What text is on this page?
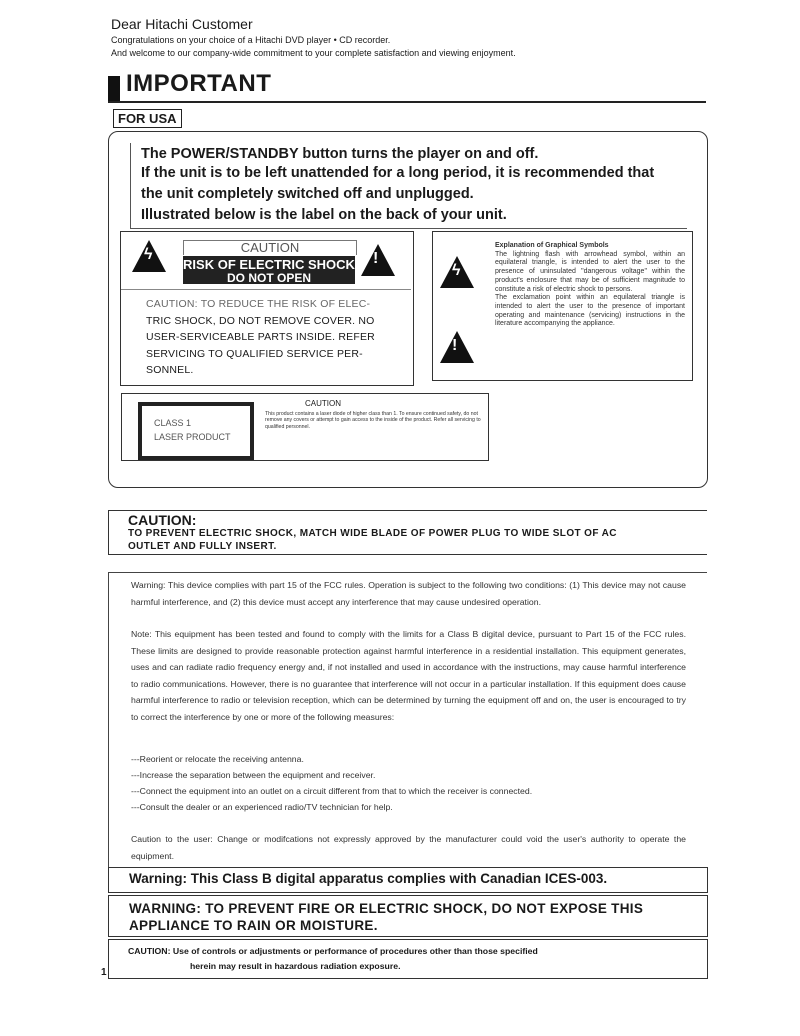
Dear Hitachi Customer
Congratulations on your choice of a Hitachi DVD player • CD recorder.
And welcome to our company-wide commitment to your complete satisfaction and viewing enjoyment.
IMPORTANT
FOR USA

The POWER/STANDBY button turns the player on and off.

If the unit is to be left unattended for a long period, it is recommended that

the unit completely switched off and unplugged.

Illustrated below is the label on the back of your unit.

ϟ	!
CAUTION
RISK OF ELECTRIC SHOCK
DO NOT OPEN
CAUTION: TO REDUCE THE RISK OF ELEC-
TRIC SHOCK, DO NOT REMOVE COVER. NO
USER-SERVICEABLE PARTS INSIDE. REFER
SERVICING TO QUALIFIED SERVICE PER-
SONNEL.
ϟ
!
Explanation of Graphical Symbols
The lightning flash with arrowhead symbol, within an equilateral triangle, is intended to alert the user to the presence of uninsulated "dangerous voltage" within the product's enclosure that may be of sufficient magnitude to constitute a risk of electric shock to persons.
The exclamation point within an equilateral triangle is intended to alert the user to the presence of important operating and maintenance (servicing) instructions in the literature accompanying the appliance.
CLASS 1
LASER PRODUCT
CAUTION
This product contains a laser diode of higher class than 1. To ensure continued safety, do not remove any covers or attempt to gain access to the inside of the product. Refer all servicing to qualified personnel.
CAUTION:
TO PREVENT ELECTRIC SHOCK, MATCH WIDE BLADE OF POWER PLUG TO WIDE SLOT OF AC
OUTLET AND FULLY INSERT.

Warning: This device complies with part 15 of the FCC rules. Operation is subject to the following two conditions: (1) This device may not cause harmful interference, and (2) this device must accept any interference that may cause undesired operation.

Note: This equipment has been tested and found to comply with the limits for a Class B digital device, pursuant to Part 15 of the FCC rules. These limits are designed to provide reasonable protection against harmful interference in a residential installation. This equipment generates, uses and can radiate radio frequency energy and, if not installed and used in accordance with the instructions, may cause harmful interference to radio communications. However, there is no guarantee that interference will not occur in a particular installation. If this equipment does cause harmful interference to radio or television reception, which can be determined by turning the equipment off and on, the user is encouraged to try to correct the interference by one or more of the following measures:

---Reorient or relocate the receiving antenna.

---Increase the separation between the equipment and receiver.

---Connect the equipment into an outlet on a circuit different from that to which the receiver is connected.

---Consult the dealer or an experienced radio/TV technician for help.

Caution to the user: Change or modifcations not expressly approved by the manufacturer could void the user's authority to operate the equipment.

Warning: This Class B digital apparatus complies with Canadian ICES-003.
WARNING: TO PREVENT FIRE OR ELECTRIC SHOCK, DO NOT EXPOSE THIS
APPLIANCE TO RAIN OR MOISTURE.
CAUTION: Use of controls or adjustments or performance of procedures other than those specified
herein may result in hazardous radiation exposure.
1
